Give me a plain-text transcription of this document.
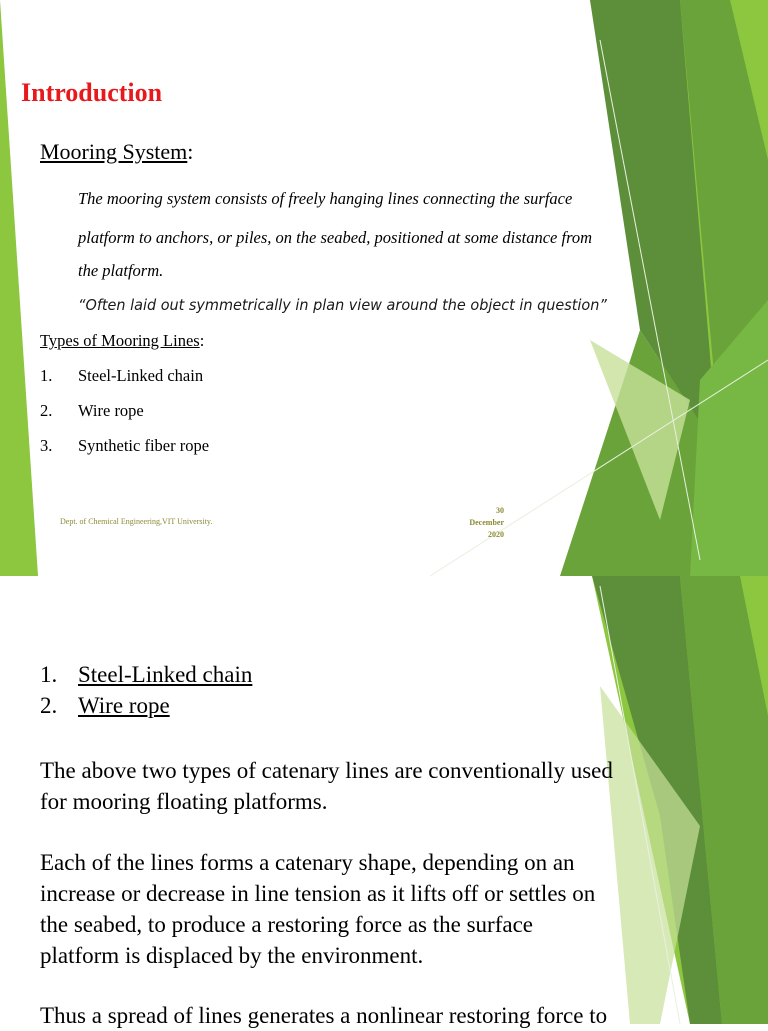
Introduction
Mooring System:
The mooring system consists of freely hanging lines connecting the surface
platform to anchors, or piles, on the seabed, positioned at some distance from
the platform.
“Often laid out symmetrically in plan view around the object in question”
Types of Mooring Lines:
1. Steel-Linked chain
2. Wire rope
3. Synthetic fiber rope
Dept. of Chemical Engineering,VIT University.
30
December
2020
1. Steel-Linked chain
2. Wire rope
The above two types of catenary lines are conventionally used
for mooring floating platforms.
Each of the lines forms a catenary shape, depending on an
increase or decrease in line tension as it lifts off or settles on
the seabed, to produce a restoring force as the surface
platform is displaced by the environment.
Thus a spread of lines generates a nonlinear restoring force to
